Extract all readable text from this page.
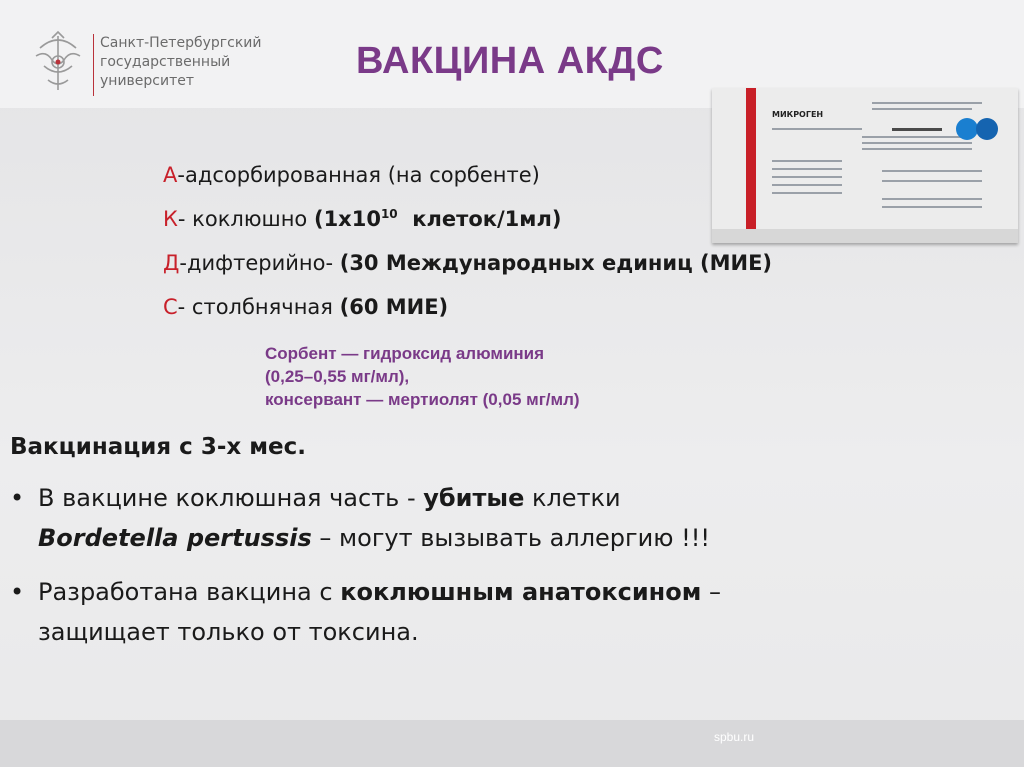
Санкт-Петербургский
государственный
университет	ВАКЦИНА АКДС
МИКРОГЕН
А-адсорбированная (на сорбенте)
К- коклюшно ($1х10^{10}$  клеток/1мл)
Д-дифтерийно- (30 Международных единиц (МИЕ)
С- столбнячная (60 МИЕ)
Сорбент — гидроксид алюминия
(0,25–0,55 мг/мл),
консервант — мертиолят (0,05 мг/мл)
Вакцинация с 3-х мес.
• В вакцине коклюшная часть - убитые клетки
Bordetella pertussis – могут вызывать аллергию !!!
• Разработана вакцина с коклюшным анатоксином –
защищает только от токсина.
spbu.ru
